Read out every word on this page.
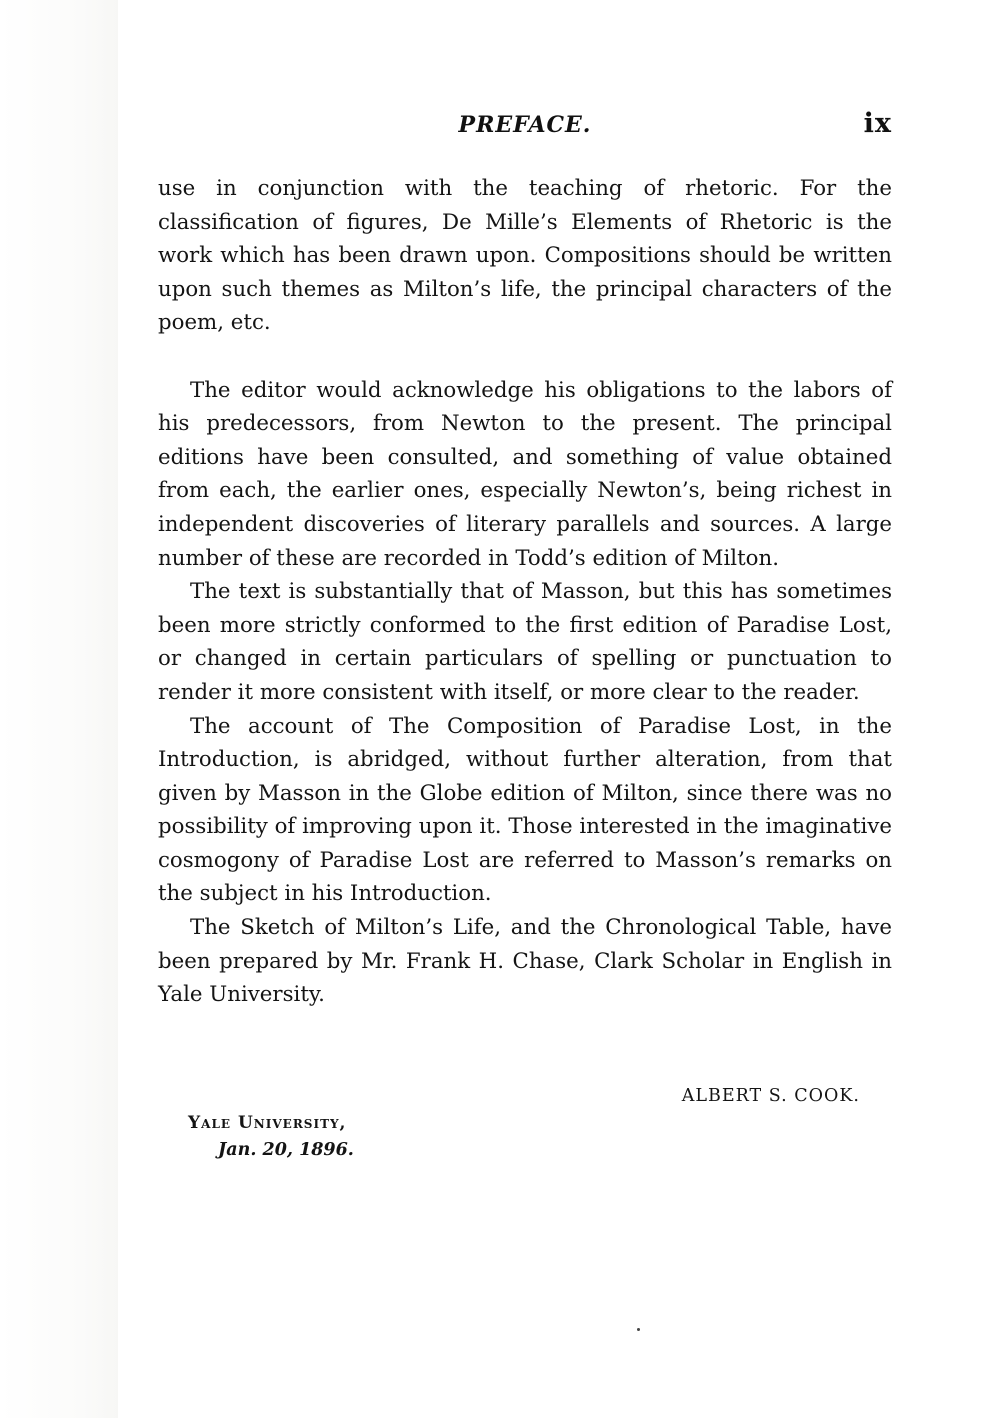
PREFACE.	ix

use in conjunction with the teaching of rhetoric. For the classification of figures, De Mille’s Elements of Rhetoric is the work which has been drawn upon. Compositions should be written upon such themes as Milton’s life, the principal characters of the poem, etc.

The editor would acknowledge his obligations to the labors of his predecessors, from Newton to the present. The principal editions have been consulted, and something of value obtained from each, the earlier ones, especially Newton’s, being richest in independent discoveries of literary parallels and sources. A large number of these are recorded in Todd’s edition of Milton.

The text is substantially that of Masson, but this has sometimes been more strictly conformed to the first edition of Paradise Lost, or changed in certain particulars of spelling or punctuation to render it more consistent with itself, or more clear to the reader.

The account of The Composition of Paradise Lost, in the Introduction, is abridged, without further alteration, from that given by Masson in the Globe edition of Milton, since there was no possibility of improving upon it. Those interested in the imaginative cosmogony of Paradise Lost are referred to Masson’s remarks on the subject in his Introduction.

The Sketch of Milton’s Life, and the Chronological Table, have been prepared by Mr. Frank H. Chase, Clark Scholar in English in Yale University.

ALBERT S. COOK.
Yale University,
Jan. 20, 1896.
